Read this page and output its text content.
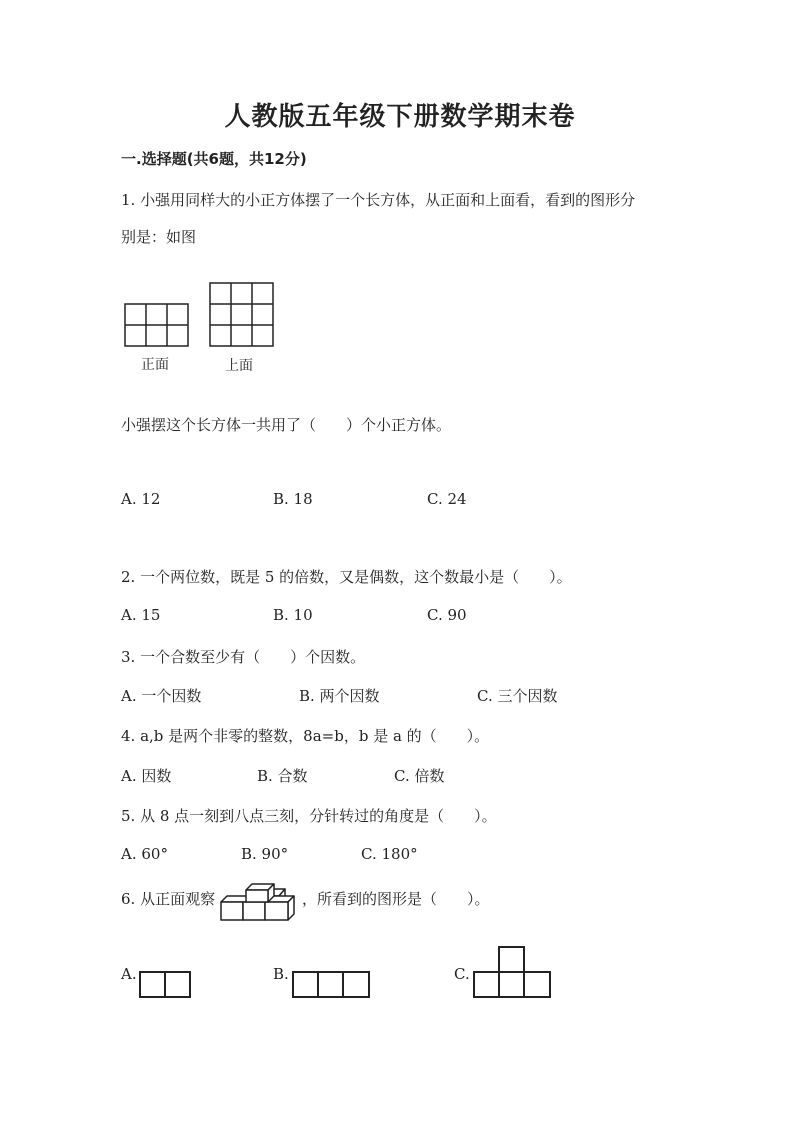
人教版五年级下册数学期末卷
一.选择题(共6题，共12分)
1. 小强用同样大的小正方体摆了一个长方体，从正面和上面看，看到的图形分
别是：如图
正面	上面
小强摆这个长方体一共用了（　　）个小正方体。
A. 12	B. 18	C. 24
2. 一个两位数，既是 5 的倍数，又是偶数，这个数最小是（　　）。
A. 15	B. 10	C. 90
3. 一个合数至少有（　　）个因数。
A. 一个因数	B. 两个因数	C. 三个因数
4. a,b 是两个非零的整数，8a=b，b 是 a 的（　　）。
A. 因数	B. 合数	C. 倍数
5. 从 8 点一刻到八点三刻，分针转过的角度是（　　）。
A. 60°	B. 90°	C. 180°
6. 从正面观察	，所看到的图形是（　　）。
A.	B.	C.
